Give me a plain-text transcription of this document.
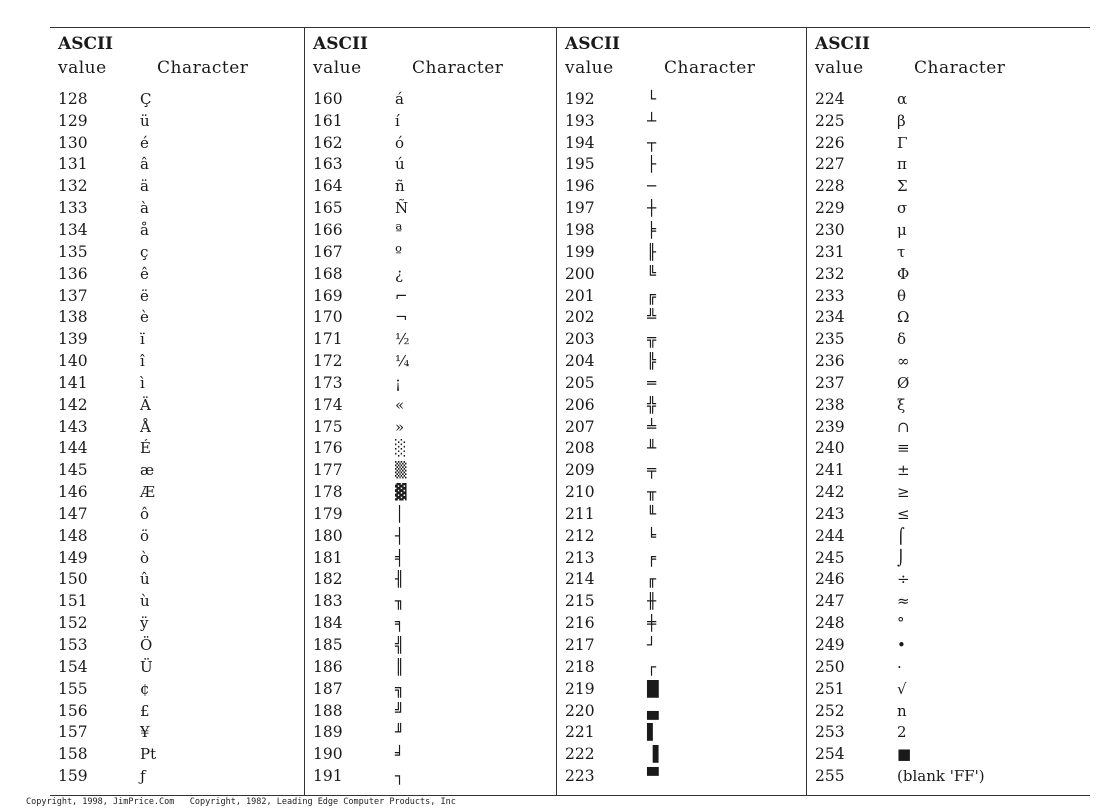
ASCII
value	Character
128	Ç
129	ü
130	é
131	â
132	ä
133	à
134	å
135	ç
136	ê
137	ë
138	è
139	ï
140	î
141	ì
142	Ä
143	Å
144	É
145	æ
146	Æ
147	ô
148	ö
149	ò
150	û
151	ù
152	ÿ
153	Ö
154	Ü
155	¢
156	£
157	¥
158	Pt
159	ƒ
ASCII
value	Character
160	á
161	í
162	ó
163	ú
164	ñ
165	Ñ
166	ª
167	º
168	¿
169	⌐
170	¬
171	½
172	¼
173	¡
174	«
175	»
176	░
177	▒
178	▓
179	│
180	┤
181	╡
182	╢
183	╖
184	╕
185	╣
186	║
187	╗
188	╝
189	╜
190	╛
191	┐
ASCII
value	Character
192	└
193	┴
194	┬
195	├
196	─
197	┼
198	╞
199	╟
200	╚
201	╔
202	╩
203	╦
204	╠
205	═
206	╬
207	╧
208	╨
209	╤
210	╥
211	╙
212	╘
213	╒
214	╓
215	╫
216	╪
217	┘
218	┌
219	█
220	▄
221	▌
222	▐
223	▀
ASCII
value	Character
224	α
225	β
226	Γ
227	π
228	Σ
229	σ
230	μ
231	τ
232	Φ
233	θ
234	Ω
235	δ
236	∞
237	Ø
238	ξ
239	∩
240	≡
241	±
242	≥
243	≤
244	⌠
245	⌡
246	÷
247	≈
248	°
249	•
250	·
251	√
252	n
253	2
254	■
255	(blank 'FF')
Copyright, 1998, JimPrice.Com   Copyright, 1982, Leading Edge Computer Products, Inc
